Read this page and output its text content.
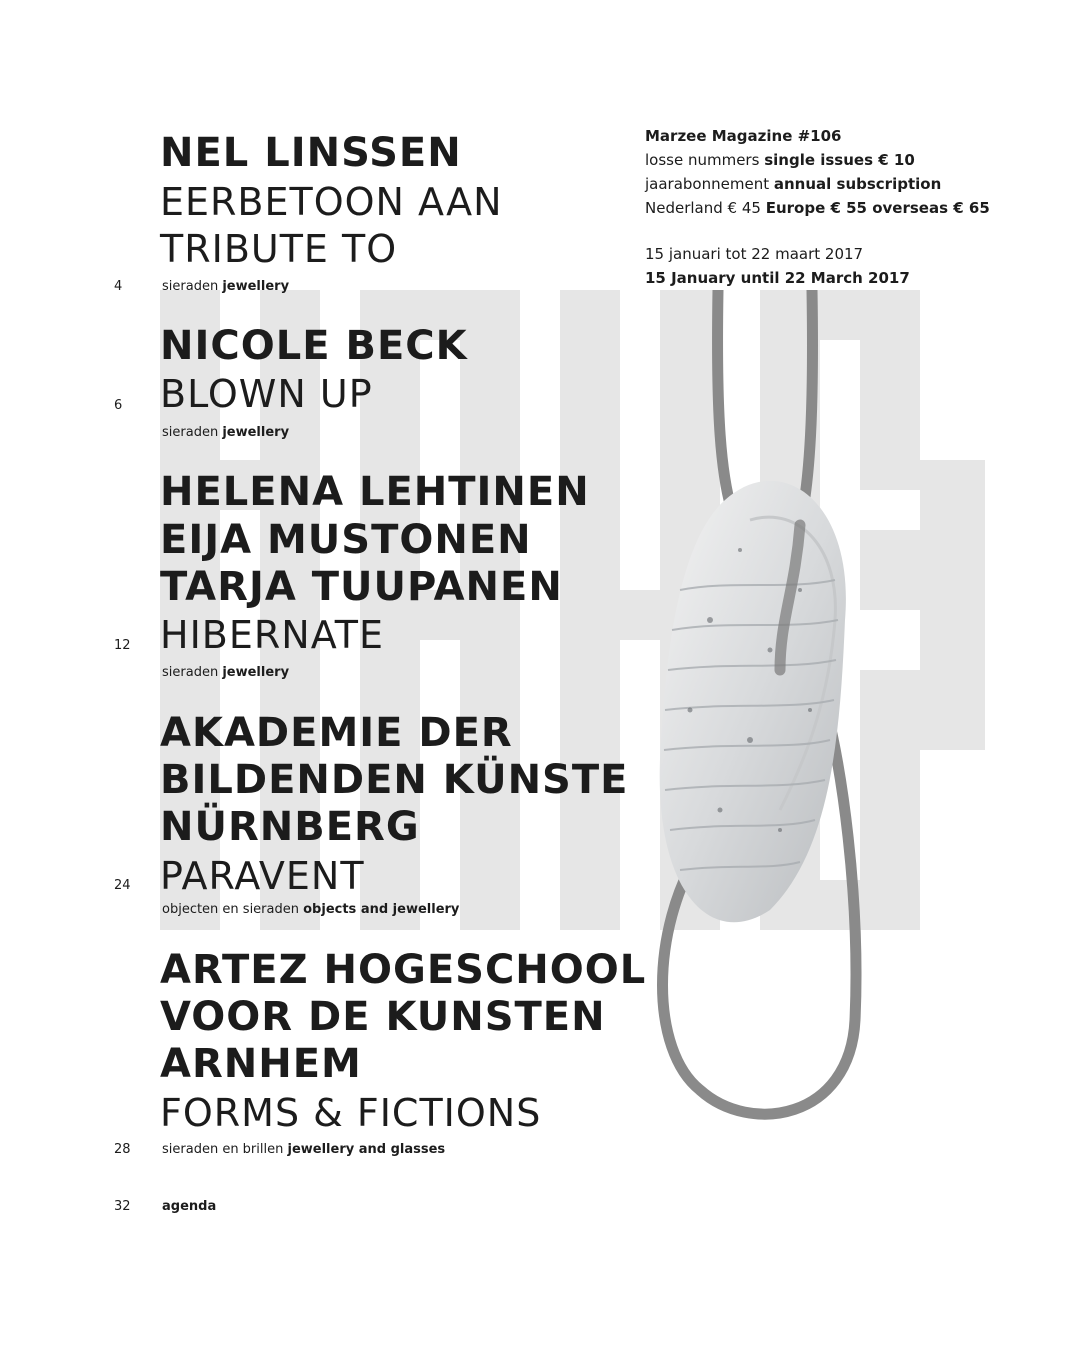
Marzee Magazine #106
losse nummers single issues € 10
jaarabonnement annual subscription
Nederland € 45 Europe € 55 overseas € 65
15 januari tot 22 maart 2017
15 January until 22 March 2017
NEL LINSSEN
EERBETOON AAN
TRIBUTE TO
4	sieraden jewellery
NICOLE BECK
BLOWN UP
6
sieraden jewellery
HELENA LEHTINEN
EIJA MUSTONEN
TARJA TUUPANEN
HIBERNATE
12
sieraden jewellery
AKADEMIE DER
BILDENDEN KÜNSTE
NÜRNBERG
PARAVENT
24
objecten en sieraden objects and jewellery
ARTEZ HOGESCHOOL
VOOR DE KUNSTEN
ARNHEM
FORMS & FICTIONS
28 sieraden en brillen jewellery and glasses
32 agenda
